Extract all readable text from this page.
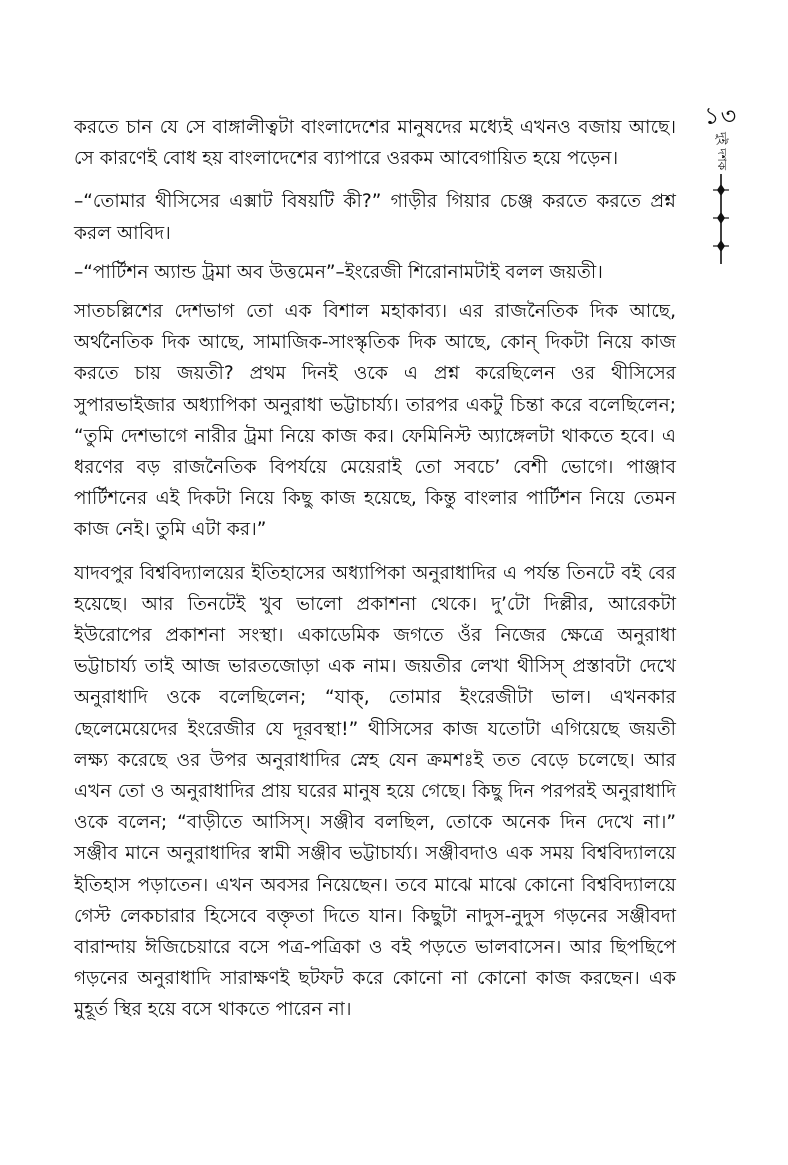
১৩
দুই দশক

করতে চান যে সে বাঙ্গালীত্বটা বাংলাদেশের মানুষদের মধ্যেই এখনও বজায় আছে। সে কারণেই বোধ হয় বাংলাদেশের ব্যাপারে ওরকম আবেগায়িত হয়ে পড়েন।

–“তোমার থীসিসের এক্সাট বিষয়টি কী?” গাড়ীর গিয়ার চেঞ্জ করতে করতে প্রশ্ন করল আবিদ।

–“পার্টিশন অ্যান্ড ট্রমা অব উত্তমেন”–ইংরেজী শিরোনামটাই বলল জয়তী।

সাতচল্লিশের দেশভাগ তো এক বিশাল মহাকাব্য। এর রাজনৈতিক দিক আছে, অর্থনৈতিক দিক আছে, সামাজিক-সাংস্কৃতিক দিক আছে, কোন্ দিকটা নিয়ে কাজ করতে চায় জয়তী? প্রথম দিনই ওকে এ প্রশ্ন করেছিলেন ওর থীসিসের সুপারভাইজার অধ্যাপিকা অনুরাধা ভট্টাচার্য্য। তারপর একটু চিন্তা করে বলেছিলেন; “তুমি দেশভাগে নারীর ট্রমা নিয়ে কাজ কর। ফেমিনিস্ট অ্যাঙ্গেলটা থাকতে হবে। এ ধরণের বড় রাজনৈতিক বিপর্যয়ে মেয়েরাই তো সবচে’ বেশী ভোগে। পাঞ্জাব পার্টিশনের এই দিকটা নিয়ে কিছু কাজ হয়েছে, কিন্তু বাংলার পার্টিশন নিয়ে তেমন কাজ নেই। তুমি এটা কর।”

যাদবপুর বিশ্ববিদ্যালয়ের ইতিহাসের অধ্যাপিকা অনুরাধাদির এ পর্যন্ত তিনটে বই বের হয়েছে। আর তিনটেই খুব ভালো প্রকাশনা থেকে। দু’টো দিল্লীর, আরেকটা ইউরোপের প্রকাশনা সংস্থা। একাডেমিক জগতে ওঁর নিজের ক্ষেত্রে অনুরাধা ভট্টাচার্য্য তাই আজ ভারতজোড়া এক নাম। জয়তীর লেখা থীসিস্ প্রস্তাবটা দেখে অনুরাধাদি ওকে বলেছিলেন; “যাক্, তোমার ইংরেজীটা ভাল। এখনকার ছেলেমেয়েদের ইংরেজীর যে দূরবস্থা!” থীসিসের কাজ যতোটা এগিয়েছে জয়তী লক্ষ্য করেছে ওর উপর অনুরাধাদির স্নেহ যেন ক্রমশঃই তত বেড়ে চলেছে। আর এখন তো ও অনুরাধাদির প্রায় ঘরের মানুষ হয়ে গেছে। কিছু দিন পরপরই অনুরাধাদি ওকে বলেন; “বাড়ীতে আসিস্। সঞ্জীব বলছিল, তোকে অনেক দিন দেখে না।” সঞ্জীব মানে অনুরাধাদির স্বামী সঞ্জীব ভট্টাচার্য্য। সঞ্জীবদাও এক সময় বিশ্ববিদ্যালয়ে ইতিহাস পড়াতেন। এখন অবসর নিয়েছেন। তবে মাঝে মাঝে কোনো বিশ্ববিদ্যালয়ে গেস্ট লেকচারার হিসেবে বক্তৃতা দিতে যান। কিছুটা নাদুস-নুদুস গড়নের সঞ্জীবদা বারান্দায় ঈজিচেয়ারে বসে পত্র-পত্রিকা ও বই পড়তে ভালবাসেন। আর ছিপছিপে গড়নের অনুরাধাদি সারাক্ষণই ছটফট করে কোনো না কোনো কাজ করছেন। এক মুহূর্ত স্থির হয়ে বসে থাকতে পারেন না।
